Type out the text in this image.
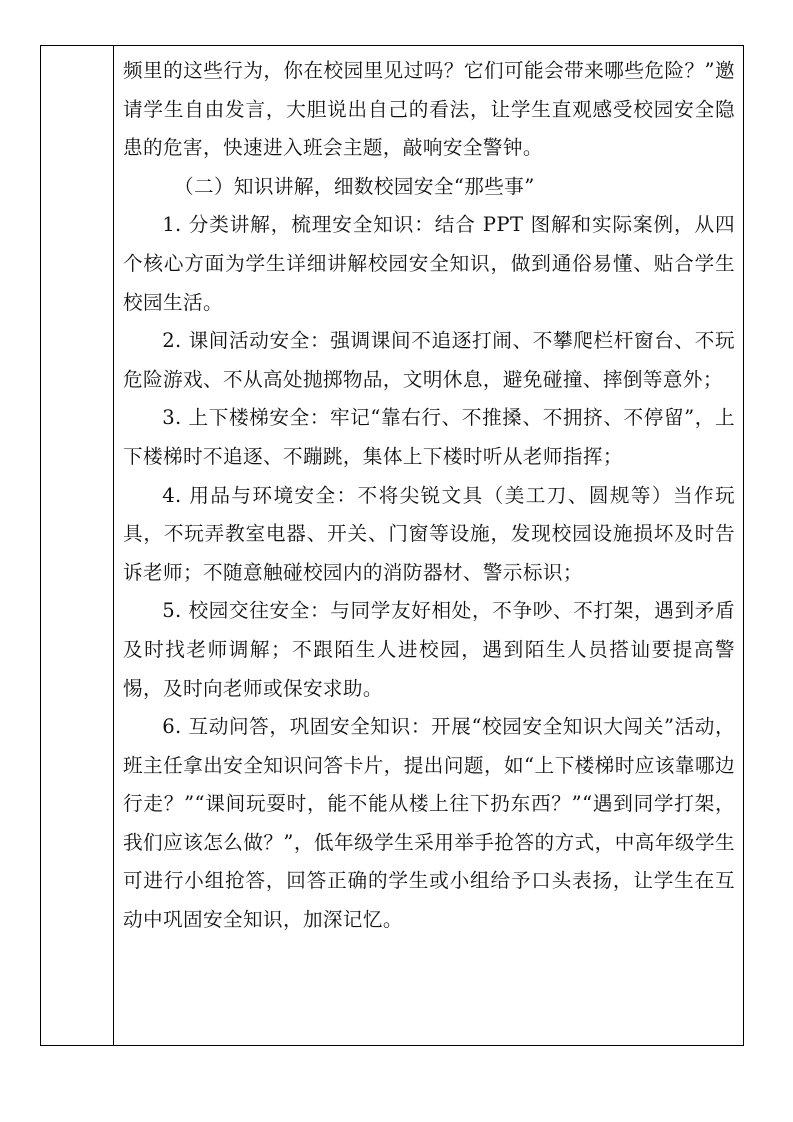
频里的这些行为，你在校园里见过吗？它们可能会带来哪些危险？”邀请学生自由发言，大胆说出自己的看法，让学生直观感受校园安全隐患的危害，快速进入班会主题，敲响安全警钟。

（二）知识讲解，细数校园安全“那些事”

1. 分类讲解，梳理安全知识：结合 PPT 图解和实际案例，从四个核心方面为学生详细讲解校园安全知识，做到通俗易懂、贴合学生校园生活。

2. 课间活动安全：强调课间不追逐打闹、不攀爬栏杆窗台、不玩危险游戏、不从高处抛掷物品，文明休息，避免碰撞、摔倒等意外；

3. 上下楼梯安全：牢记“靠右行、不推搡、不拥挤、不停留”，上下楼梯时不追逐、不蹦跳，集体上下楼时听从老师指挥；

4. 用品与环境安全：不将尖锐文具（美工刀、圆规等）当作玩具，不玩弄教室电器、开关、门窗等设施，发现校园设施损坏及时告诉老师；不随意触碰校园内的消防器材、警示标识；

5. 校园交往安全：与同学友好相处，不争吵、不打架，遇到矛盾及时找老师调解；不跟陌生人进校园，遇到陌生人员搭讪要提高警惕，及时向老师或保安求助。

6. 互动问答，巩固安全知识：开展“校园安全知识大闯关”活动，班主任拿出安全知识问答卡片，提出问题，如“上下楼梯时应该靠哪边行走？”“课间玩耍时，能不能从楼上往下扔东西？”“遇到同学打架，我们应该怎么做？”，低年级学生采用举手抢答的方式，中高年级学生可进行小组抢答，回答正确的学生或小组给予口头表扬，让学生在互动中巩固安全知识，加深记忆。
